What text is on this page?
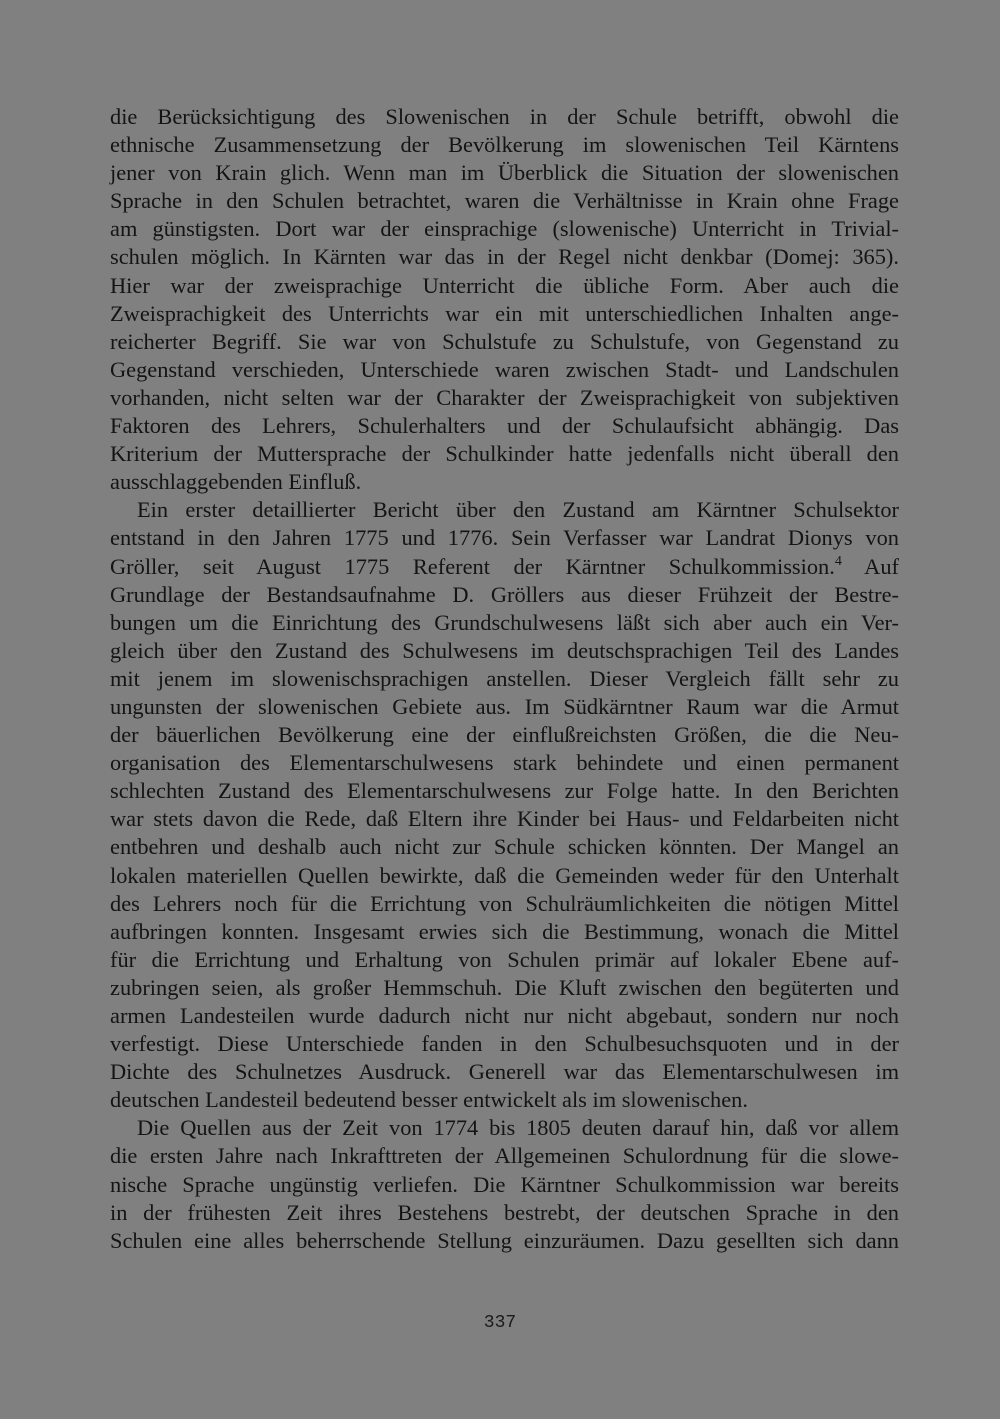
die Berücksichtigung des Slowenischen in der Schule betrifft, obwohl die
ethnische Zusammensetzung der Bevölkerung im slowenischen Teil Kärntens
jener von Krain glich. Wenn man im Überblick die Situation der slowenischen
Sprache in den Schulen betrachtet, waren die Verhältnisse in Krain ohne Frage
am günstigsten. Dort war der einsprachige (slowenische) Unterricht in Trivial-
schulen möglich. In Kärnten war das in der Regel nicht denkbar (Domej: 365).
Hier war der zweisprachige Unterricht die übliche Form. Aber auch die
Zweisprachigkeit des Unterrichts war ein mit unterschiedlichen Inhalten ange-
reicherter Begriff. Sie war von Schulstufe zu Schulstufe, von Gegenstand zu
Gegenstand verschieden, Unterschiede waren zwischen Stadt- und Landschulen
vorhanden, nicht selten war der Charakter der Zweisprachigkeit von subjektiven
Faktoren des Lehrers, Schulerhalters und der Schulaufsicht abhängig. Das
Kriterium der Muttersprache der Schulkinder hatte jedenfalls nicht überall den
ausschlaggebenden Einfluß.
Ein erster detaillierter Bericht über den Zustand am Kärntner Schulsektor
entstand in den Jahren 1775 und 1776. Sein Verfasser war Landrat Dionys von
Gröller, seit August 1775 Referent der Kärntner Schulkommission.$^4$ Auf
Grundlage der Bestandsaufnahme D. Gröllers aus dieser Frühzeit der Bestre-
bungen um die Einrichtung des Grundschulwesens läßt sich aber auch ein Ver-
gleich über den Zustand des Schulwesens im deutschsprachigen Teil des Landes
mit jenem im slowenischsprachigen anstellen. Dieser Vergleich fällt sehr zu
ungunsten der slowenischen Gebiete aus. Im Südkärntner Raum war die Armut
der bäuerlichen Bevölkerung eine der einflußreichsten Größen, die die Neu-
organisation des Elementarschulwesens stark behindete und einen permanent
schlechten Zustand des Elementarschulwesens zur Folge hatte. In den Berichten
war stets davon die Rede, daß Eltern ihre Kinder bei Haus- und Feldarbeiten nicht
entbehren und deshalb auch nicht zur Schule schicken könnten. Der Mangel an
lokalen materiellen Quellen bewirkte, daß die Gemeinden weder für den Unterhalt
des Lehrers noch für die Errichtung von Schulräumlichkeiten die nötigen Mittel
aufbringen konnten. Insgesamt erwies sich die Bestimmung, wonach die Mittel
für die Errichtung und Erhaltung von Schulen primär auf lokaler Ebene auf-
zubringen seien, als großer Hemmschuh. Die Kluft zwischen den begüterten und
armen Landesteilen wurde dadurch nicht nur nicht abgebaut, sondern nur noch
verfestigt. Diese Unterschiede fanden in den Schulbesuchsquoten und in der
Dichte des Schulnetzes Ausdruck. Generell war das Elementarschulwesen im
deutschen Landesteil bedeutend besser entwickelt als im slowenischen.
Die Quellen aus der Zeit von 1774 bis 1805 deuten darauf hin, daß vor allem
die ersten Jahre nach Inkrafttreten der Allgemeinen Schulordnung für die slowe-
nische Sprache ungünstig verliefen. Die Kärntner Schulkommission war bereits
in der frühesten Zeit ihres Bestehens bestrebt, der deutschen Sprache in den
Schulen eine alles beherrschende Stellung einzuräumen. Dazu gesellten sich dann
337
